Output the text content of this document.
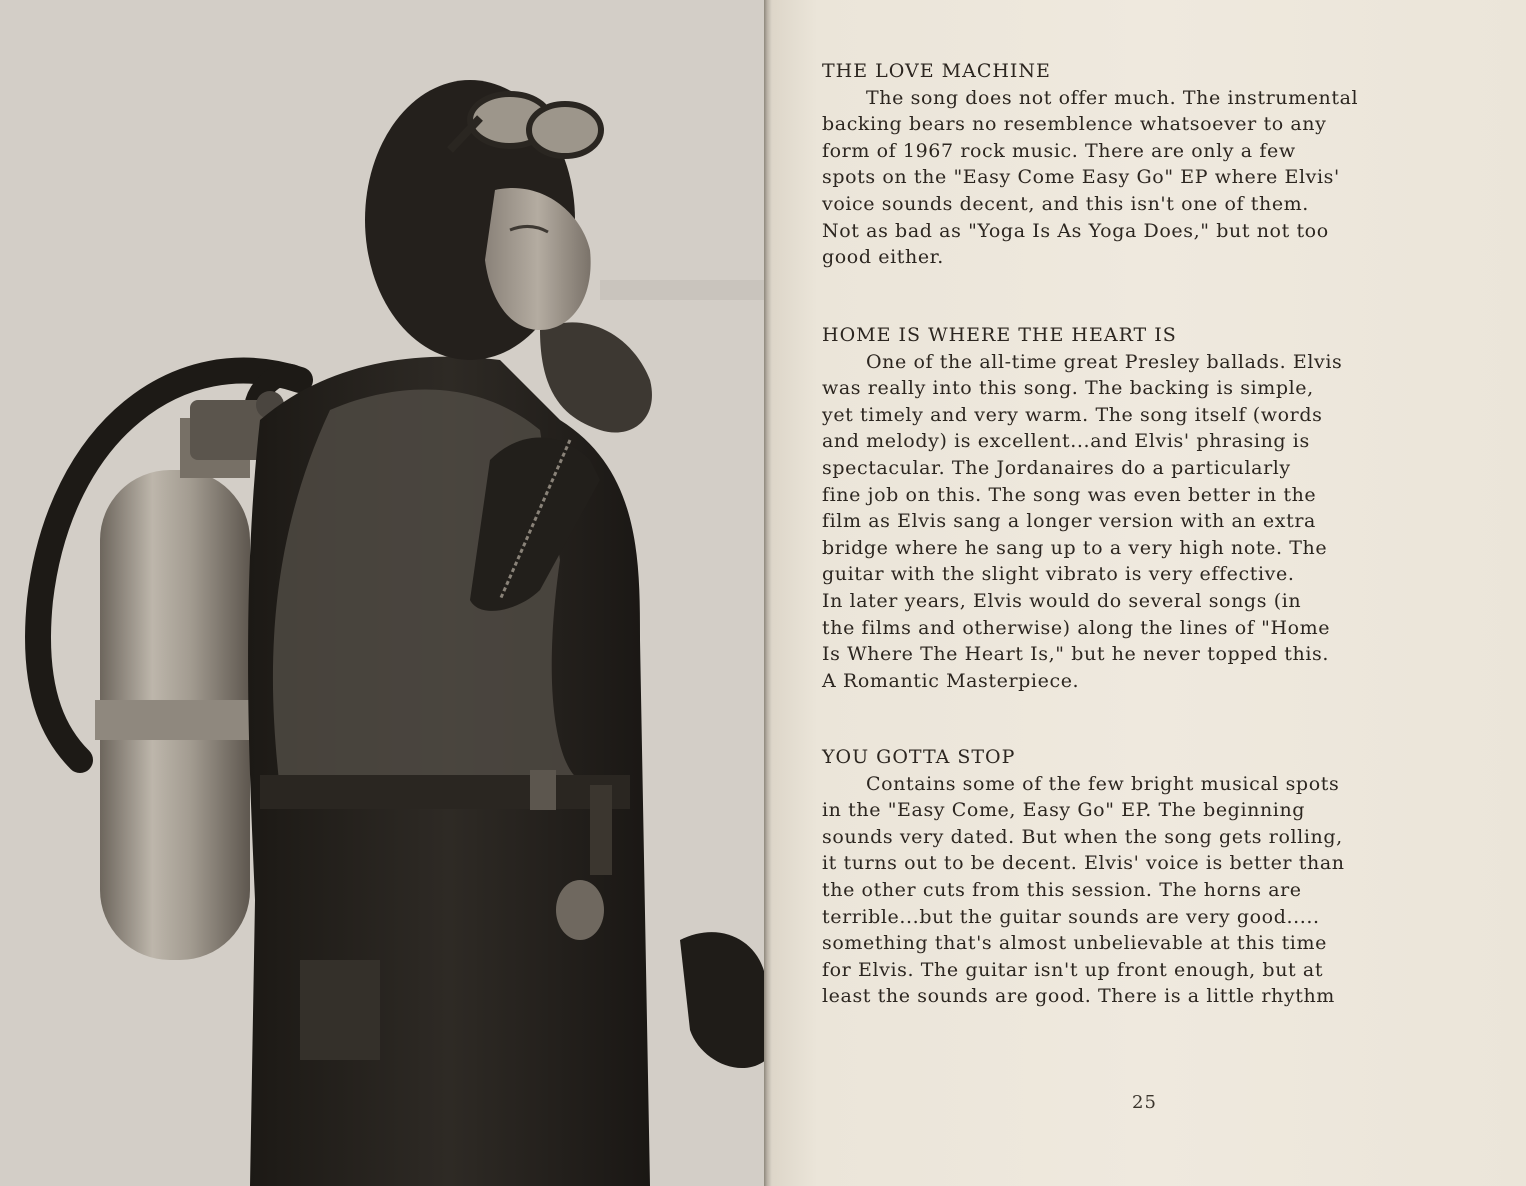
THE LOVE MACHINE

The song does not offer much. The instrumental
backing bears no resemblence whatsoever to any
form of 1967 rock music. There are only a few
spots on the "Easy Come Easy Go" EP where Elvis'
voice sounds decent, and this isn't one of them.
Not as bad as "Yoga Is As Yoga Does," but not too
good either.

HOME IS WHERE THE HEART IS

One of the all-time great Presley ballads. Elvis
was really into this song. The backing is simple,
yet timely and very warm. The song itself (words
and melody) is excellent...and Elvis' phrasing is
spectacular. The Jordanaires do a particularly
fine job on this. The song was even better in the
film as Elvis sang a longer version with an extra
bridge where he sang up to a very high note. The
guitar with the slight vibrato is very effective.
In later years, Elvis would do several songs (in
the films and otherwise) along the lines of "Home
Is Where The Heart Is," but he never topped this.
A Romantic Masterpiece.

YOU GOTTA STOP

Contains some of the few bright musical spots
in the "Easy Come, Easy Go" EP. The beginning
sounds very dated. But when the song gets rolling,
it turns out to be decent. Elvis' voice is better than
the other cuts from this session. The horns are
terrible...but the guitar sounds are very good.....
something that's almost unbelievable at this time
for Elvis. The guitar isn't up front enough, but at
least the sounds are good. There is a little rhythm

25
